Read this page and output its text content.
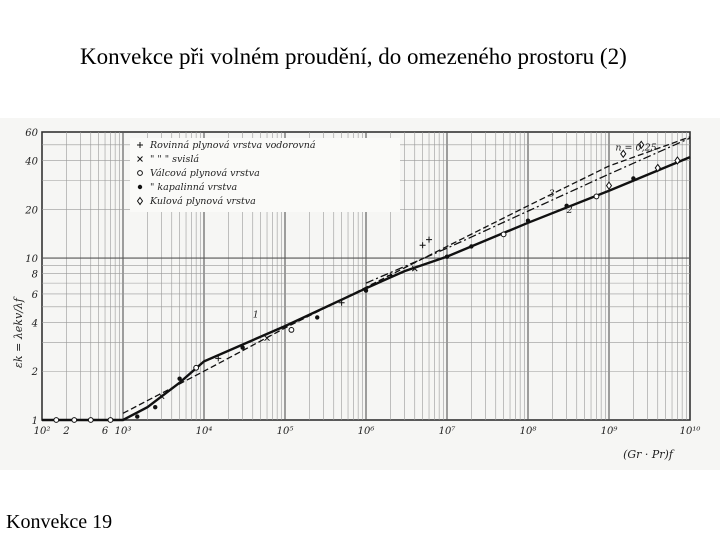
Konvekce při volném proudění, do omezeného prostoru (2)
10² 2	6 10³	10⁴	10⁵	10⁶	10⁷	10⁸	10⁹	10¹⁰
1
2
4
6
8
10
20
40
60
Rovinná plynová vrstva vodorovná
" " " svislá
Válcová plynová vrstva
" kapalinná vrstva
Kulová plynová vrstva
1
2
3
n = 0,25
εk = λekv/λf
(Gr · Pr)f
Konvekce 19
